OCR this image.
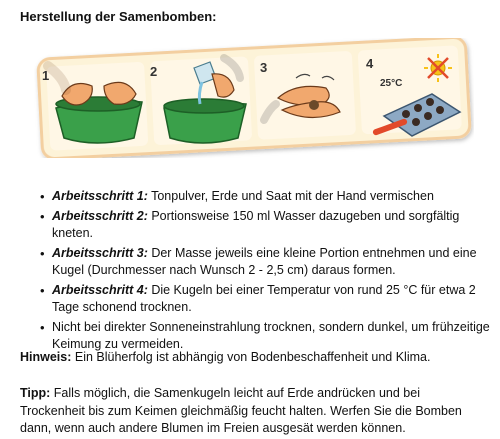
Herstellung der Samenbomben:
1	2	3	4
25°C
• Arbeitsschritt 1: Tonpulver, Erde und Saat mit der Hand vermischen
• Arbeitsschritt 2: Portionsweise 150 ml Wasser dazugeben und sorgfältig kneten.
• Arbeitsschritt 3: Der Masse jeweils eine kleine Portion entnehmen und eine Kugel (Durchmesser nach Wunsch 2 - 2,5 cm) daraus formen.
• Arbeitsschritt 4: Die Kugeln bei einer Temperatur von rund 25 °C für etwa 2 Tage schonend trocknen.
• Nicht bei direkter Sonneneinstrahlung trocknen, sondern dunkel, um frühzeitige Keimung zu vermeiden.

Hinweis: Ein Blüherfolg ist abhängig von Bodenbeschaffenheit und Klima.

Tipp: Falls möglich, die Samenkugeln leicht auf Erde andrücken und bei Trockenheit bis zum Keimen gleichmäßig feucht halten. Werfen Sie die Bomben dann, wenn auch andere Blumen im Freien ausgesät werden können.
